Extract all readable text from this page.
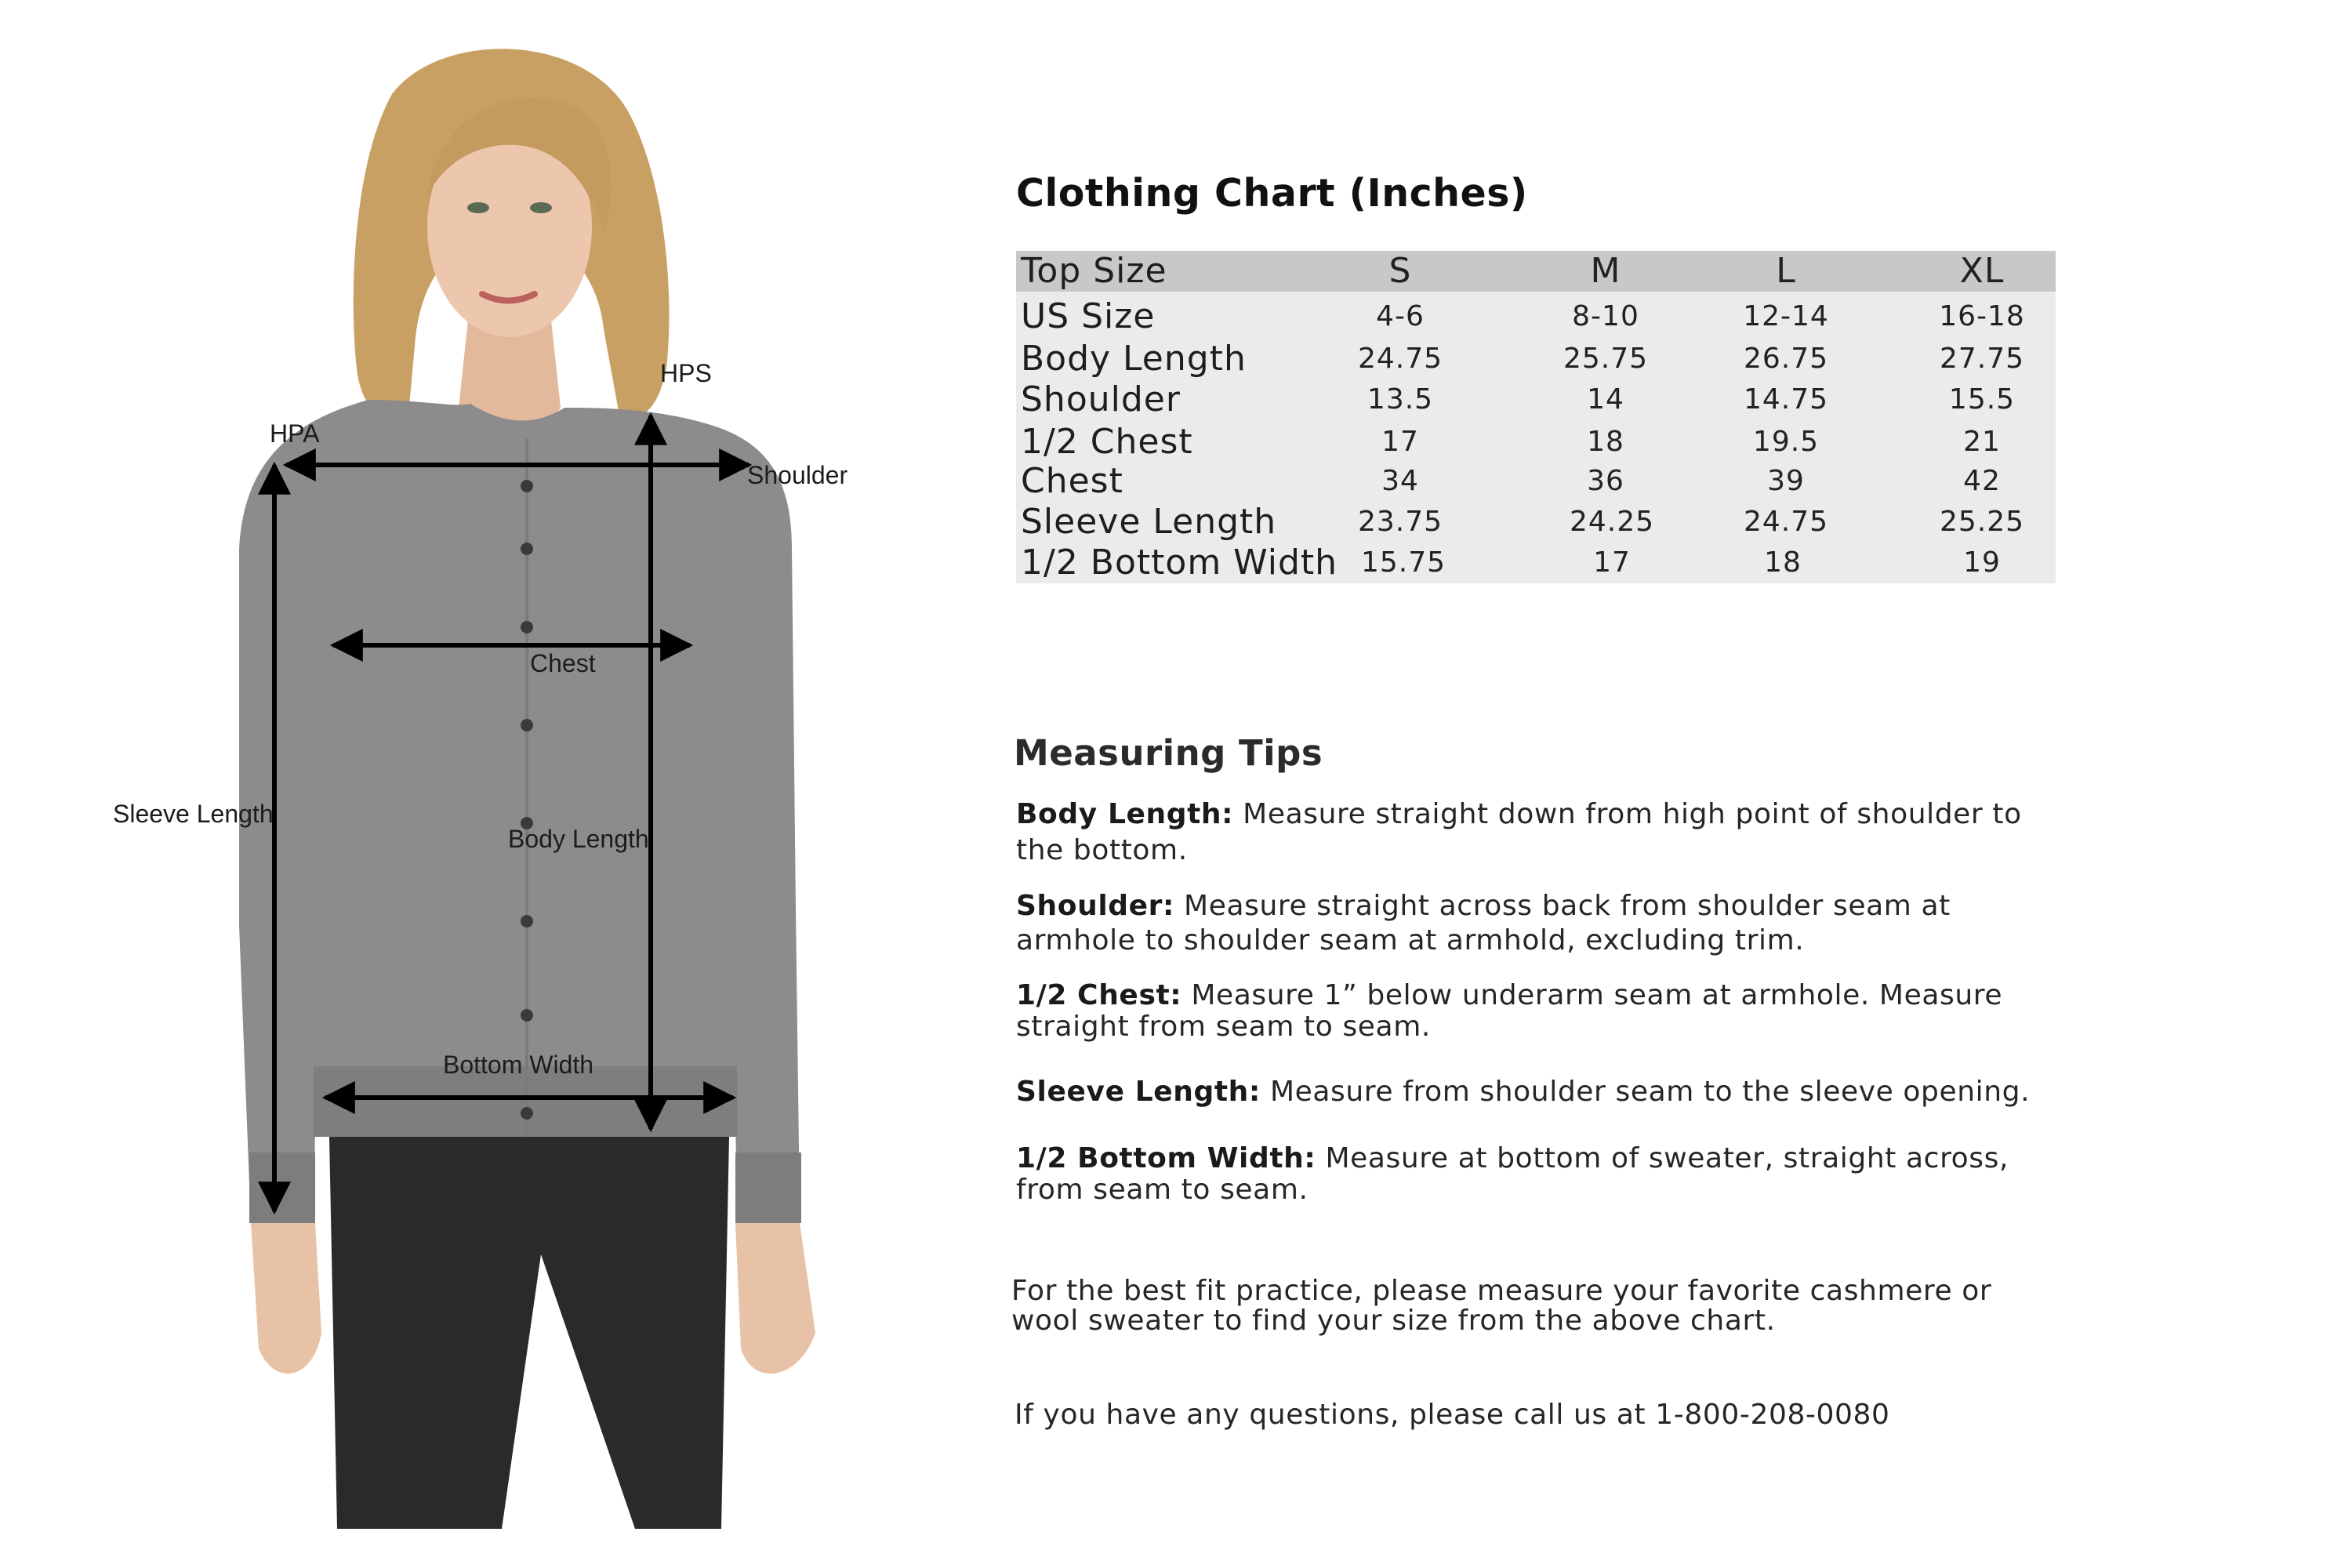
HPS
HPA
Shoulder
Chest
Sleeve Length
Body Length
Bottom Width
Clothing Chart (Inches)
Top Size	S	M	L	XL
US Size	4-6	8-10	12-14	16-18
Body Length	24.75	25.75	26.75	27.75
Shoulder	13.5	14	14.75	15.5
1/2 Chest	17	18	19.5	21
Chest	34	36	39	42
Sleeve Length	23.75	24.25	24.75	25.25
1/2 Bottom Width 15.75	17	18	19
Measuring Tips

Body Length: Measure straight down from high point of shoulder to the bottom.

Shoulder: Measure straight across back from shoulder seam at armhole to shoulder seam at armhold, excluding trim.

1/2 Chest: Measure 1” below underarm seam at armhole. Measure straight from seam to seam.

Sleeve Length: Measure from shoulder seam to the sleeve opening.

1/2 Bottom Width: Measure at bottom of sweater, straight across, from seam to seam.

For the best fit practice, please measure your favorite cashmere or wool sweater to find your size from the above chart.

If you have any questions, please call us at 1-800-208-0080
